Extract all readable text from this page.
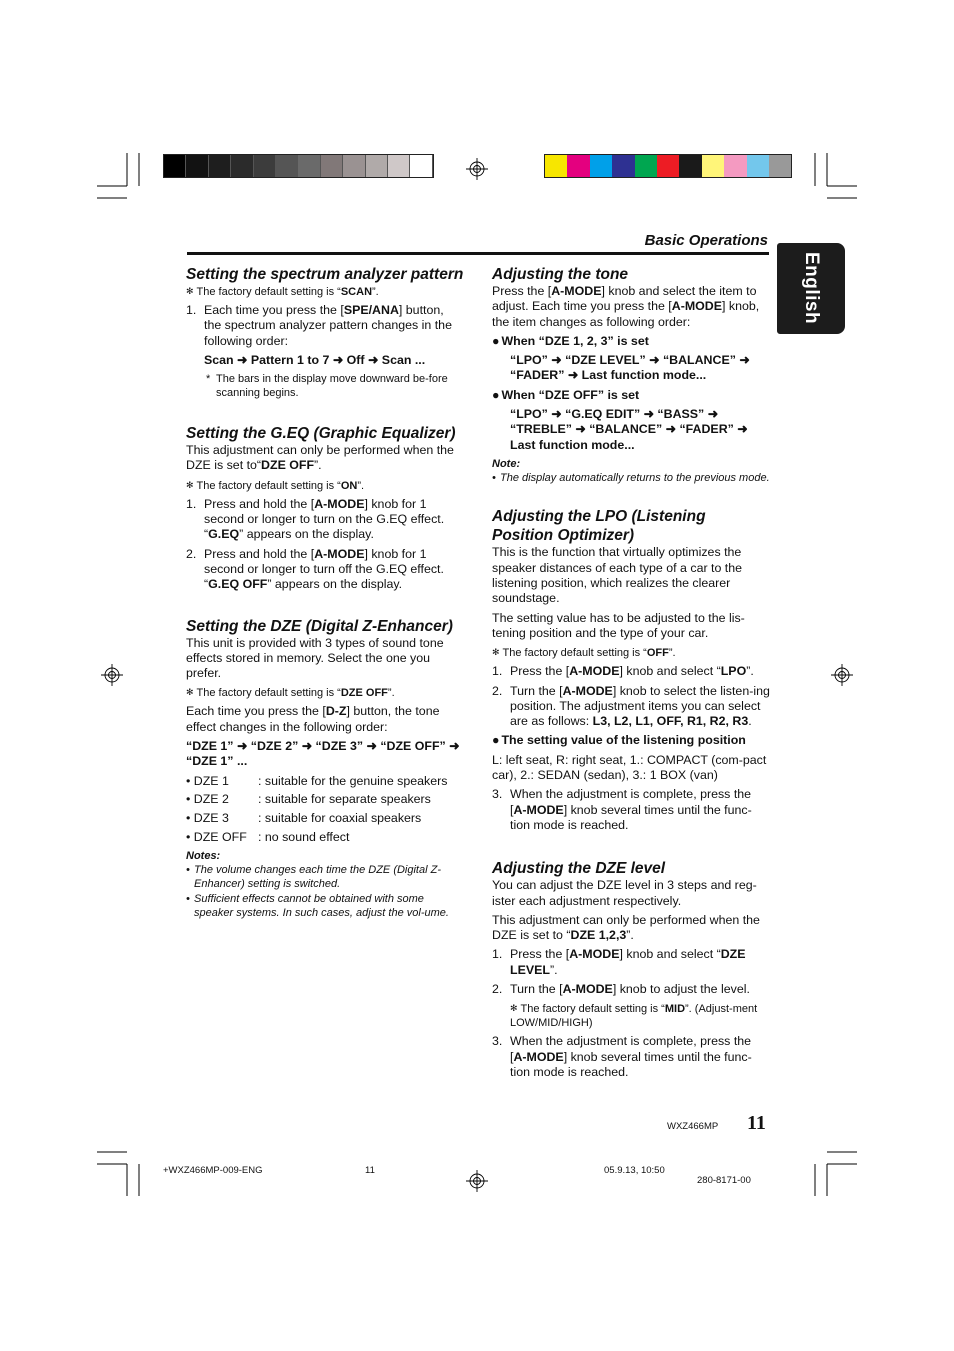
Basic Operations
English
Setting the spectrum analyzer pattern

✻ The factory default setting is “SCAN”.

1. Each time you press the [SPE/ANA] button, the spectrum analyzer pattern changes in the following order:

Scan ➜ Pattern 1 to 7 ➜ Off ➜ Scan ...

* The bars in the display move downward be-fore scanning begins.
Setting the G.EQ (Graphic Equalizer)

This adjustment can only be performed when the DZE is set to“DZE OFF”.

✻ The factory default setting is “ON”.

1. Press and hold the [A-MODE] knob for 1 second or longer to turn on the G.EQ effect. “G.EQ” appears on the display.
2. Press and hold the [A-MODE] knob for 1 second or longer to turn off the G.EQ effect. “G.EQ OFF” appears on the display.
Setting the DZE (Digital Z-Enhancer)

This unit is provided with 3 types of sound tone effects stored in memory. Select the one you prefer.

✻ The factory default setting is “DZE OFF”.

Each time you press the [D-Z] button, the tone effect changes in the following order:

“DZE 1” ➜ “DZE 2” ➜ “DZE 3” ➜ “DZE OFF” ➜ “DZE 1” ...

• DZE 1	: suitable for the genuine speakers
• DZE 2	: suitable for separate speakers
• DZE 3	: suitable for coaxial speakers
• DZE OFF : no sound effect
Notes:
• The volume changes each time the DZE (Digital Z-Enhancer) setting is switched.
• Sufficient effects cannot be obtained with some speaker systems. In such cases, adjust the vol-ume.
Adjusting the tone

Press the [A-MODE] knob and select the item to adjust. Each time you press the [A-MODE] knob, the item changes as following order:

● When “DZE 1, 2, 3” is set

“LPO” ➜ “DZE LEVEL” ➜ “BALANCE” ➜ “FADER” ➜ Last function mode...

● When “DZE OFF” is set

“LPO” ➜ “G.EQ EDIT” ➜ “BASS” ➜ “TREBLE” ➜ “BALANCE” ➜ “FADER” ➜ Last function mode...

Note:
• The display automatically returns to the previous mode.
Adjusting the LPO (Listening Position Optimizer)

This is the function that virtually optimizes the speaker distances of each type of a car to the listening position, which realizes the clearer soundstage.

The setting value has to be adjusted to the lis-tening position and the type of your car.

✻ The factory default setting is “OFF”.

1. Press the [A-MODE] knob and select “LPO”.
2. Turn the [A-MODE] knob to select the listen-ing position. The adjustment items you can select are as follows: L3, L2, L1, OFF, R1, R2, R3.

● The setting value of the listening position

L: left seat, R: right seat, 1.: COMPACT (com-pact car), 2.: SEDAN (sedan), 3.: 1 BOX (van)

3. When the adjustment is complete, press the [A-MODE] knob several times until the func-tion mode is reached.
Adjusting the DZE level

You can adjust the DZE level in 3 steps and reg-ister each adjustment respectively.

This adjustment can only be performed when the DZE is set to “DZE 1,2,3”.

1. Press the [A-MODE] knob and select “DZE LEVEL”.
2. Turn the [A-MODE] knob to adjust the level.

✻ The factory default setting is “MID”. (Adjust-ment LOW/MID/HIGH)

3. When the adjustment is complete, press the [A-MODE] knob several times until the func-tion mode is reached.
WXZ466MP 11
+WXZ466MP-009-ENG	11	05.9.13, 10:50
280-8171-00
